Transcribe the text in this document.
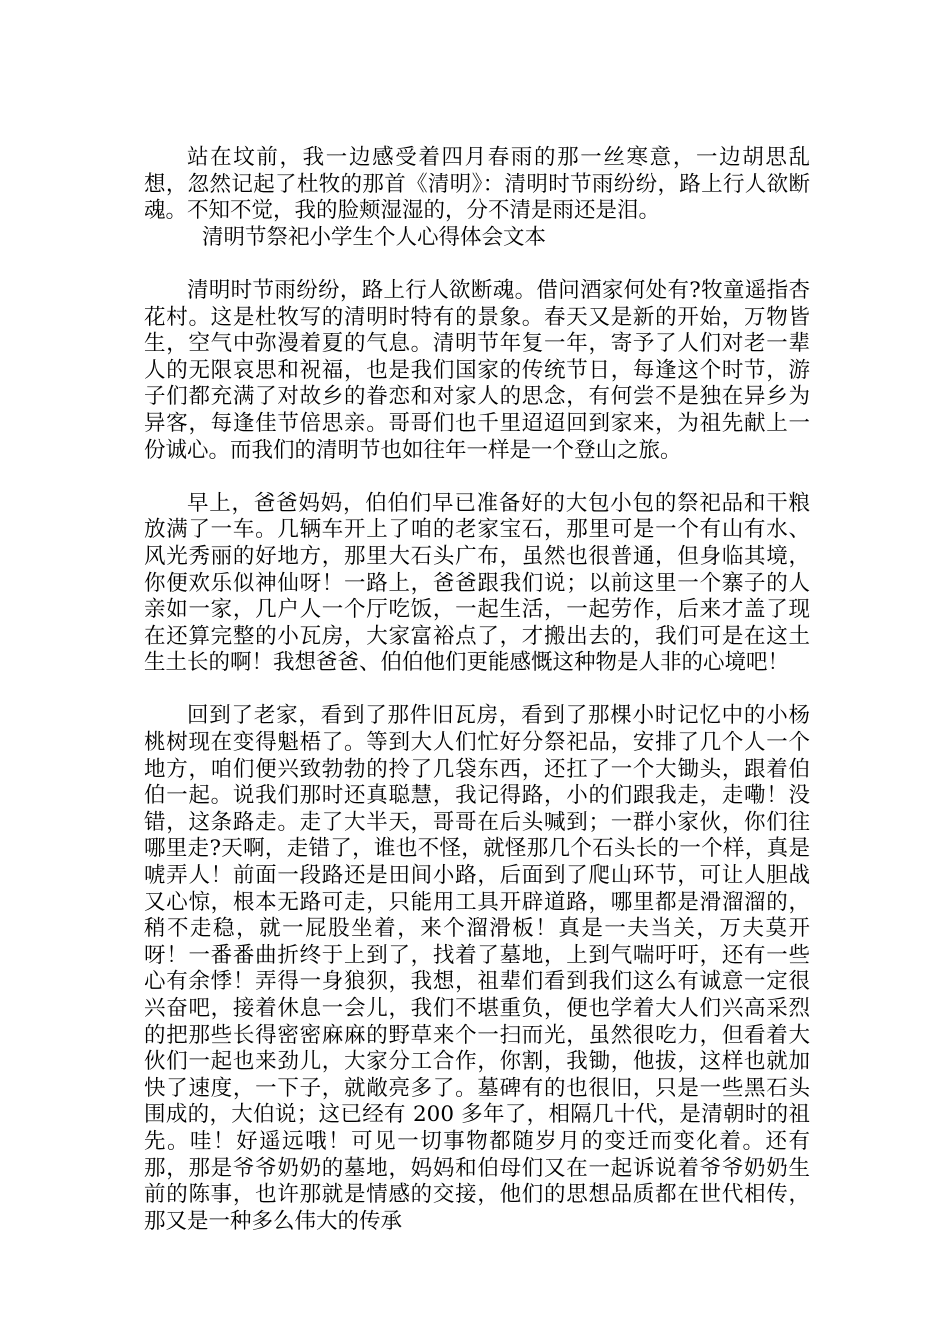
站在坟前，我一边感受着四月春雨的那一丝寒意，一边胡思乱想，忽然记起了杜牧的那首《清明》：清明时节雨纷纷，路上行人欲断魂。不知不觉，我的脸颊湿湿的，分不清是雨还是泪。

清明节祭祀小学生个人心得体会文本

清明时节雨纷纷，路上行人欲断魂。借问酒家何处有?牧童遥指杏花村。这是杜牧写的清明时特有的景象。春天又是新的开始，万物皆生，空气中弥漫着夏的气息。清明节年复一年，寄予了人们对老一辈人的无限哀思和祝福，也是我们国家的传统节日，每逢这个时节，游子们都充满了对故乡的眷恋和对家人的思念，有何尝不是独在异乡为异客，每逢佳节倍思亲。哥哥们也千里迢迢回到家来，为祖先献上一份诚心。而我们的清明节也如往年一样是一个登山之旅。

早上，爸爸妈妈，伯伯们早已准备好的大包小包的祭祀品和干粮放满了一车。几辆车开上了咱的老家宝石，那里可是一个有山有水、风光秀丽的好地方，那里大石头广布，虽然也很普通，但身临其境，你便欢乐似神仙呀！一路上，爸爸跟我们说；以前这里一个寨子的人亲如一家，几户人一个厅吃饭，一起生活，一起劳作，后来才盖了现在还算完整的小瓦房，大家富裕点了，才搬出去的，我们可是在这土生土长的啊！我想爸爸、伯伯他们更能感慨这种物是人非的心境吧！

回到了老家，看到了那件旧瓦房，看到了那棵小时记忆中的小杨桃树现在变得魁梧了。等到大人们忙好分祭祀品，安排了几个人一个地方，咱们便兴致勃勃的拎了几袋东西，还扛了一个大锄头，跟着伯伯一起。说我们那时还真聪慧，我记得路，小的们跟我走，走嘞！没错，这条路走。走了大半天，哥哥在后头喊到；一群小家伙，你们往哪里走?天啊，走错了，谁也不怪，就怪那几个石头长的一个样，真是唬弄人！前面一段路还是田间小路，后面到了爬山环节，可让人胆战又心惊，根本无路可走，只能用工具开辟道路，哪里都是滑溜溜的，稍不走稳，就一屁股坐着，来个溜滑板！真是一夫当关，万夫莫开呀！一番番曲折终于上到了，找着了墓地，上到气喘吁吁，还有一些心有余悸！弄得一身狼狈，我想，祖辈们看到我们这么有诚意一定很兴奋吧，接着休息一会儿，我们不堪重负，便也学着大人们兴高采烈的把那些长得密密麻麻的野草来个一扫而光，虽然很吃力，但看着大伙们一起也来劲儿，大家分工合作，你割，我锄，他拔，这样也就加快了速度，一下子，就敞亮多了。墓碑有的也很旧，只是一些黑石头围成的，大伯说；这已经有 200 多年了，相隔几十代，是清朝时的祖先。哇！好遥远哦！可见一切事物都随岁月的变迁而变化着。还有那，那是爷爷奶奶的墓地，妈妈和伯母们又在一起诉说着爷爷奶奶生前的陈事，也许那就是情感的交接，他们的思想品质都在世代相传，那又是一种多么伟大的传承
